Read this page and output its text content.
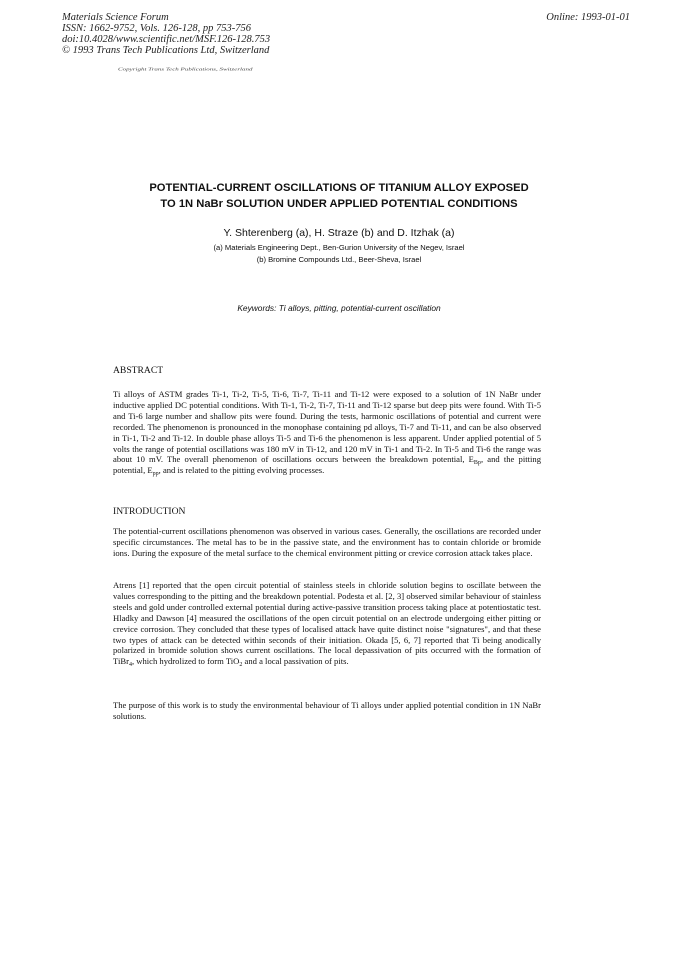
Materials Science Forum
ISSN: 1662-9752, Vols. 126-128, pp 753-756
doi:10.4028/www.scientific.net/MSF.126-128.753
© 1993 Trans Tech Publications Ltd, Switzerland
Online: 1993-01-01
Copyright Trans Tech Publications, Switzerland
POTENTIAL-CURRENT OSCILLATIONS OF TITANIUM ALLOY EXPOSED
TO 1N NaBr SOLUTION UNDER APPLIED POTENTIAL CONDITIONS
Y. Shterenberg (a), H. Straze (b) and D. Itzhak (a)
(a) Materials Engineering Dept., Ben-Gurion University of the Negev, Israel
(b) Bromine Compounds Ltd., Beer-Sheva, Israel
Keywords: Ti alloys, pitting, potential-current oscillation
ABSTRACT
Ti alloys of ASTM grades Ti-1, Ti-2, Ti-5, Ti-6, Ti-7, Ti-11 and Ti-12 were exposed to a solution of 1N NaBr under inductive applied DC potential conditions. With Ti-1, Ti-2, Ti-7, Ti-11 and Ti-12 sparse but deep pits were found. With Ti-5 and Ti-6 large number and shallow pits were found. During the tests, harmonic oscillations of potential and current were recorded. The phenomenon is pronounced in the monophase containing pd alloys, Ti-7 and Ti-11, and can be also observed in Ti-1, Ti-2 and Ti-12. In double phase alloys Ti-5 and Ti-6 the phenomenon is less apparent. Under applied potential of 5 volts the range of potential oscillations was 180 mV in Ti-12, and 120 mV in Ti-1 and Ti-2. In Ti-5 and Ti-6 the range was about 10 mV. The overall phenomenon of oscillations occurs between the breakdown potential, $E_{Bp}$, and the pitting potential, $E_{pp}$, and is related to the pitting evolving processes.
INTRODUCTION
The potential-current oscillations phenomenon was observed in various cases. Generally, the oscillations are recorded under specific circumstances. The metal has to be in the passive state, and the environment has to contain chloride or bromide ions. During the exposure of the metal surface to the chemical environment pitting or crevice corrosion attack takes place.
Atrens [1] reported that the open circuit potential of stainless steels in chloride solution begins to oscillate between the values corresponding to the pitting and the breakdown potential. Podesta et al. [2, 3] observed similar behaviour of stainless steels and gold under controlled external potential during active-passive transition process taking place at potentiostatic test. Hladky and Dawson [4] measured the oscillations of the open circuit potential on an electrode undergoing either pitting or crevice corrosion. They concluded that these types of localised attack have quite distinct noise "signatures", and that these two types of attack can be detected within seconds of their initiation. Okada [5, 6, 7] reported that Ti being anodically polarized in bromide solution shows current oscillations. The local depassivation of pits occurred with the formation of TiBr$_4$, which hydrolized to form TiO$_2$ and a local passivation of pits.
The purpose of this work is to study the environmental behaviour of Ti alloys under applied potential condition in 1N NaBr solutions.
